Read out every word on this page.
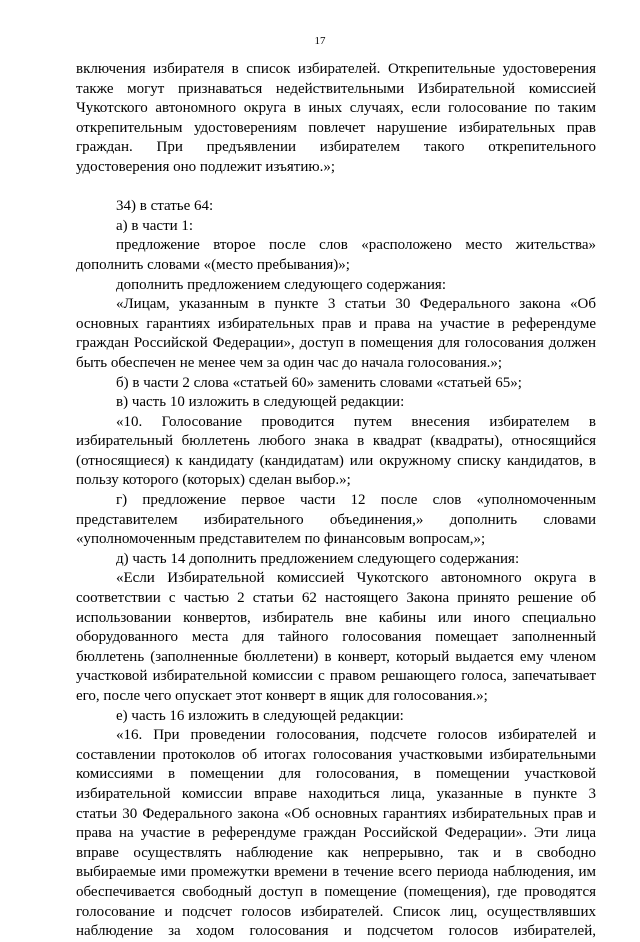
17
включения избирателя в список избирателей. Открепительные удостоверения
также могут признаваться недействительными Избирательной комиссией
Чукотского автономного округа в иных случаях, если голосование по таким
открепительным удостоверениям повлечет нарушение избирательных прав
граждан. При предъявлении избирателем такого открепительного
удостоверения оно подлежит изъятию.»;
34) в статье 64:
а) в части 1:
предложение второе после слов «расположено место жительства»
дополнить словами «(место пребывания)»;
дополнить предложением следующего содержания:
«Лицам, указанным в пункте 3 статьи 30 Федерального закона «Об
основных гарантиях избирательных прав и права на участие в референдуме
граждан Российской Федерации», доступ в помещения для голосования должен
быть обеспечен не менее чем за один час до начала голосования.»;
б) в части 2 слова «статьей 60» заменить словами «статьей 65»;
в) часть 10 изложить в следующей редакции:
«10. Голосование проводится путем внесения избирателем в
избирательный бюллетень любого знака в квадрат (квадраты), относящийся
(относящиеся) к кандидату (кандидатам) или окружному списку кандидатов, в
пользу которого (которых) сделан выбор.»;
г) предложение первое части 12 после слов «уполномоченным
представителем избирательного объединения,» дополнить словами
«уполномоченным представителем по финансовым вопросам,»;
д) часть 14 дополнить предложением следующего содержания:
«Если Избирательной комиссией Чукотского автономного округа в
соответствии с частью 2 статьи 62 настоящего Закона принято решение об
использовании конвертов, избиратель вне кабины или иного специально
оборудованного места для тайного голосования помещает заполненный
бюллетень (заполненные бюллетени) в конверт, который выдается ему членом
участковой избирательной комиссии с правом решающего голоса, запечатывает
его, после чего опускает этот конверт в ящик для голосования.»;
е) часть 16 изложить в следующей редакции:
«16. При проведении голосования, подсчете голосов избирателей и
составлении протоколов об итогах голосования участковыми избирательными
комиссиями в помещении для голосования, в помещении участковой
избирательной комиссии вправе находиться лица, указанные в пункте 3
статьи 30 Федерального закона «Об основных гарантиях избирательных прав и
права на участие в референдуме граждан Российской Федерации». Эти лица
вправе осуществлять наблюдение как непрерывно, так и в свободно
выбираемые ими промежутки времени в течение всего периода наблюдения, им
обеспечивается свободный доступ в помещение (помещения), где проводятся
голосование и подсчет голосов избирателей. Список лиц, осуществлявших
наблюдение за ходом голосования и подсчетом голосов избирателей,
